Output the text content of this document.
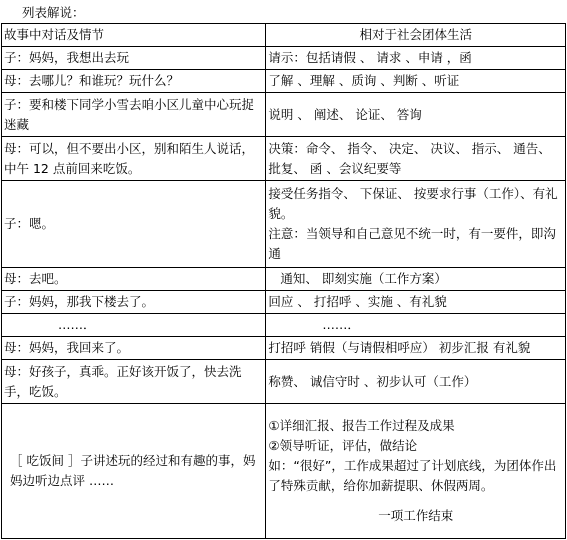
列表解说：
故事中对话及情节	相对于社会团体生活
子：妈妈，我想出去玩	请示：包括请假 、 请求 、申请 ，函
母：去哪儿？和谁玩？玩什么？	了解 、理解 、质询 、判断 、听证
子：要和楼下同学小雪去咱小区儿童中心玩捉迷藏	说明 、 阐述、 论证、 答询
母：可以，但不要出小区，别和陌生人说话，中午 12 点前回来吃饭。	决策：命令、 指令、 决定、 决议、 指示、 通告、 批复、 函 、会议纪要等
子：嗯。	接受任务指令、 下保证、 按要求行事（工作）、有礼貌。
注意：当领导和自己意见不统一时，有一要件，即沟通

母：去吧。	通知、 即刻实施（工作方案）
子：妈妈，那我下楼去了。	回应 、 打招呼 、实施 、有礼貌
……．	……．
母：妈妈，我回来了。	打招呼 销假（与请假相呼应） 初步汇报 有礼貌
母：好孩子，真乖。正好该开饭了，快去洗手，吃饭。	称赞、 诚信守时 、初步认可（工作）
［ 吃饭间 ］子讲述玩的经过和有趣的事，妈妈边听边点评 ……	①详细汇报、报告工作过程及成果
②领导听证，评估，做结论
如：“很好”，工作成果超过了计划底线，为团体作出了特殊贡献，给你加薪提职、休假两周。
一项工作结束
